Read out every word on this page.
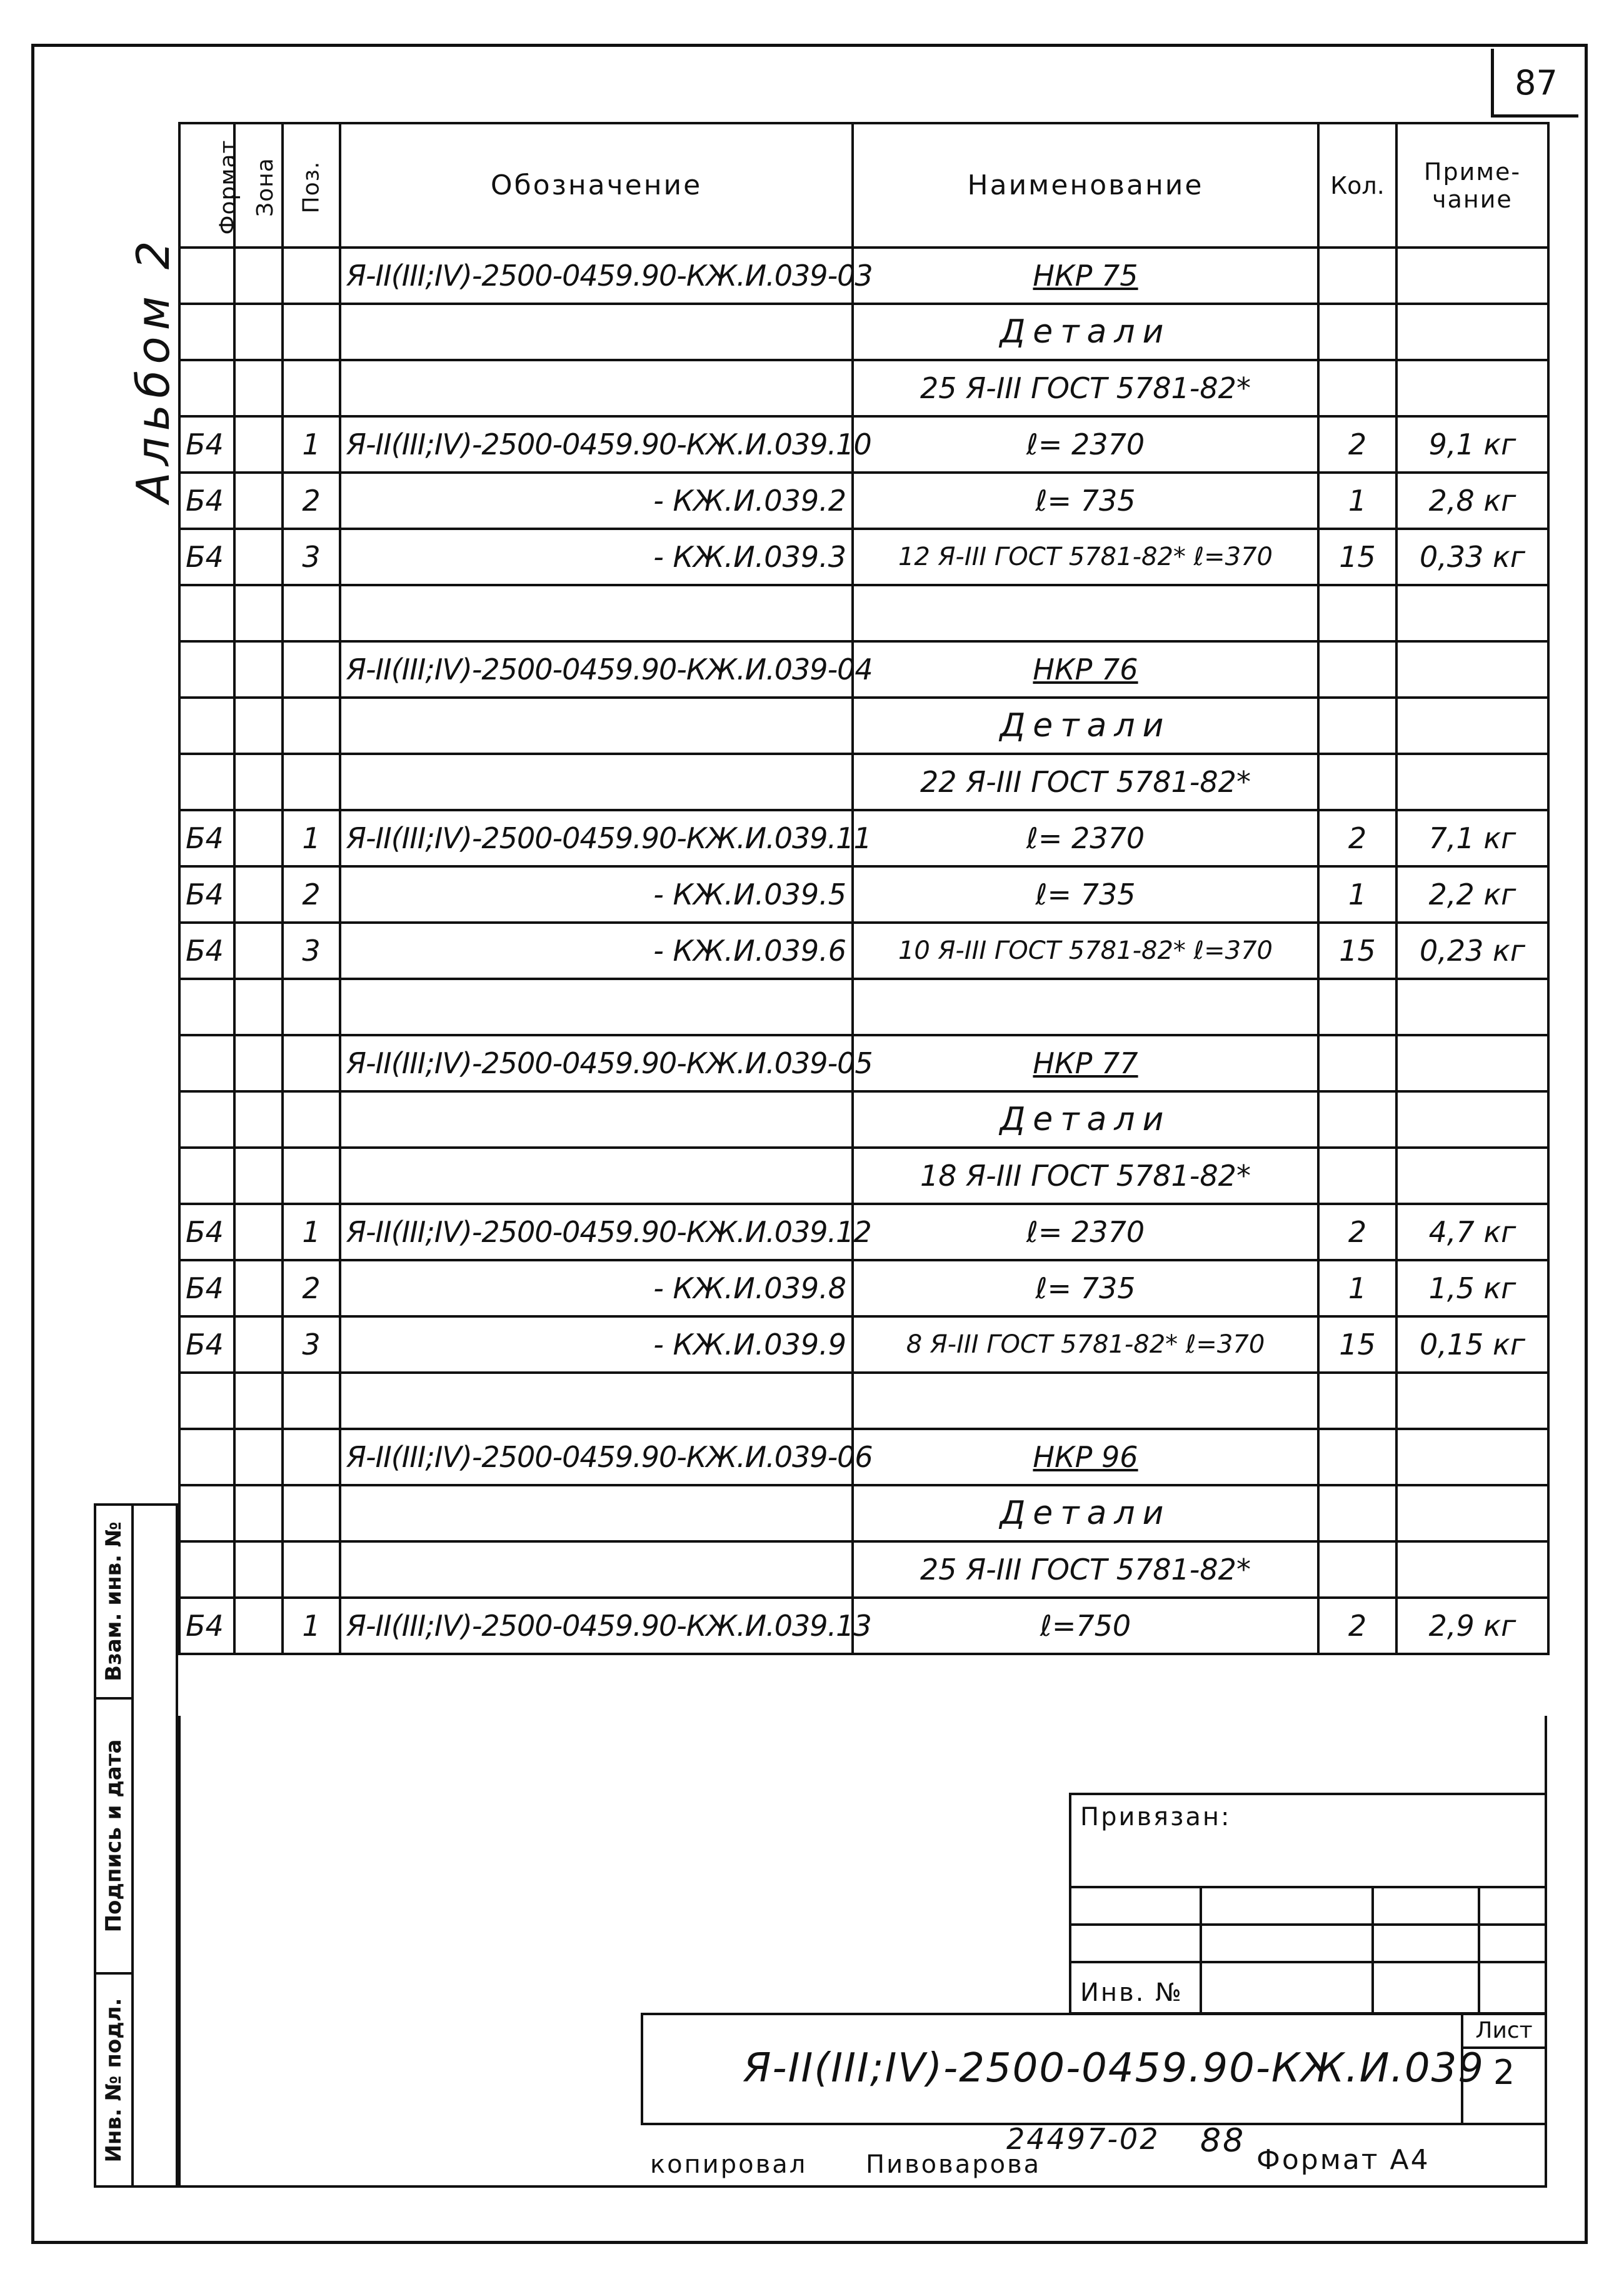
87
Альбом 2
Формат	Зона	Поз.	Обозначение	Наименование	Кол.	Приме-чание
			Я-II(III;IV)-2500-0459.90-КЖ.И.039-03	НКР 75		
				Детали		
				25 Я-III ГОСТ 5781-82*		
Б4		1	Я-II(III;IV)-2500-0459.90-КЖ.И.039.10	ℓ= 2370	2	9,1 кг
Б4		2	- КЖ.И.039.2	ℓ= 735	1	2,8 кг
Б4		3	- КЖ.И.039.3	12 Я-III ГОСТ 5781-82* ℓ=370	15	0,33 кг

			Я-II(III;IV)-2500-0459.90-КЖ.И.039-04	НКР 76		
				Детали		
				22 Я-III ГОСТ 5781-82*		
Б4		1	Я-II(III;IV)-2500-0459.90-КЖ.И.039.11	ℓ= 2370	2	7,1 кг
Б4		2	- КЖ.И.039.5	ℓ= 735	1	2,2 кг
Б4		3	- КЖ.И.039.6	10 Я-III ГОСТ 5781-82* ℓ=370	15	0,23 кг

			Я-II(III;IV)-2500-0459.90-КЖ.И.039-05	НКР 77		
				Детали		
				18 Я-III ГОСТ 5781-82*		
Б4		1	Я-II(III;IV)-2500-0459.90-КЖ.И.039.12	ℓ= 2370	2	4,7 кг
Б4		2	- КЖ.И.039.8	ℓ= 735	1	1,5 кг
Б4		3	- КЖ.И.039.9	8 Я-III ГОСТ 5781-82* ℓ=370	15	0,15 кг

			Я-II(III;IV)-2500-0459.90-КЖ.И.039-06	НКР 96		
				Детали		
				25 Я-III ГОСТ 5781-82*		
Б4		1	Я-II(III;IV)-2500-0459.90-КЖ.И.039.13	ℓ=750	2	2,9 кг
Взам. инв. №
Подпись и дата
Инв. № подл.
Привязан:
Инв. №
Я-II(III;IV)-2500-0459.90-КЖ.И.039
Лист
2
копировал Пивоварова
24497-02 88
Формат А4
